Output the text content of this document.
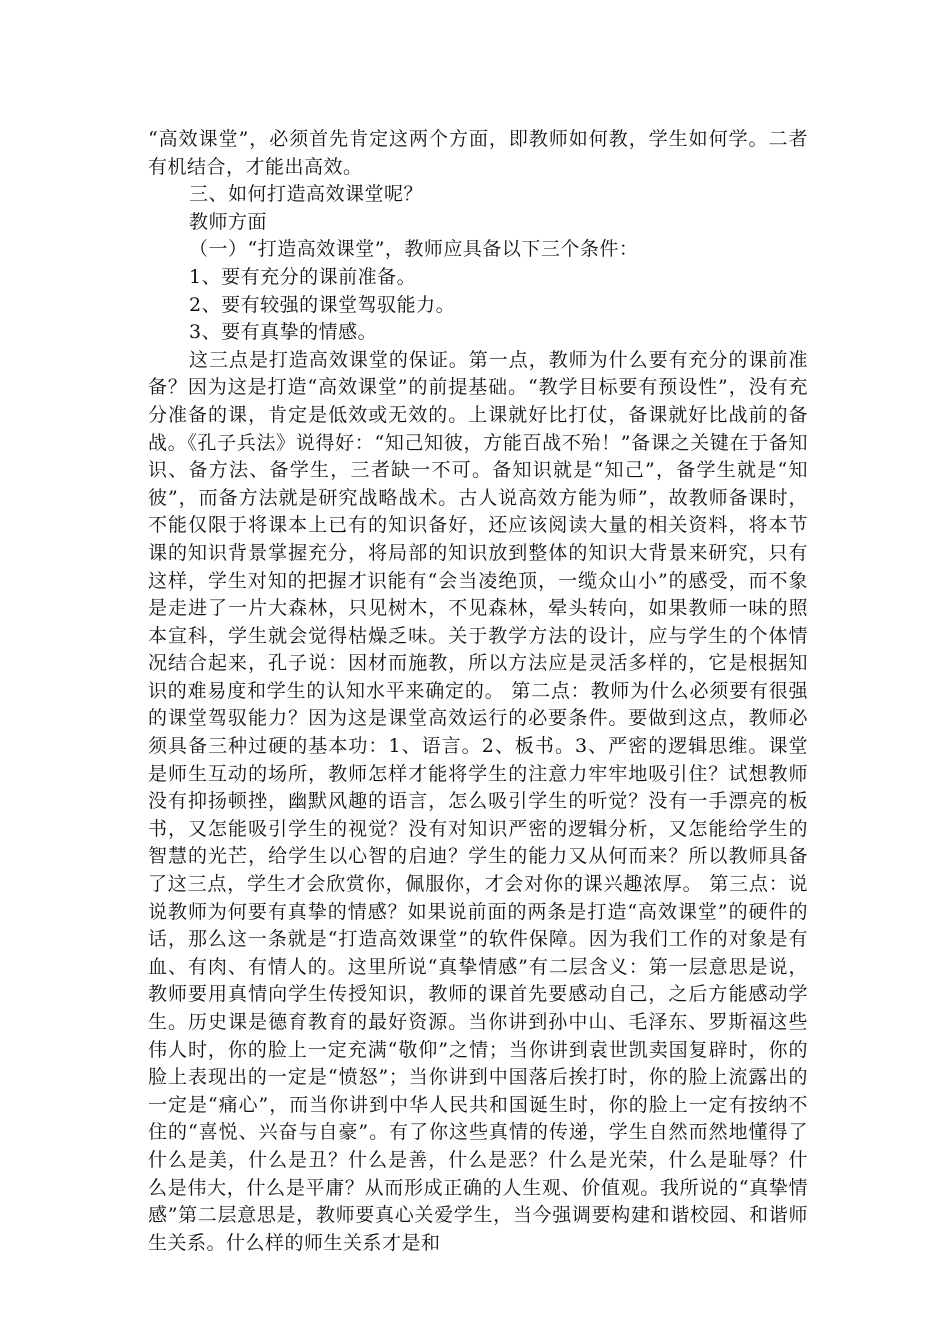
“高效课堂”，必须首先肯定这两个方面，即教师如何教，学生如何学。二者有机结合，才能出高效。

三、如何打造高效课堂呢？

教师方面

（一）“打造高效课堂”，教师应具备以下三个条件：

1、要有充分的课前准备。

2、要有较强的课堂驾驭能力。

3、要有真挚的情感。

这三点是打造高效课堂的保证。第一点，教师为什么要有充分的课前准备？因为这是打造“高效课堂”的前提基础。“教学目标要有预设性”，没有充分准备的课，肯定是低效或无效的。上课就好比打仗，备课就好比战前的备战。《孔子兵法》说得好：“知己知彼，方能百战不殆！”备课之关键在于备知识、备方法、备学生，三者缺一不可。备知识就是“知己”，备学生就是“知彼”，而备方法就是研究战略战术。古人说高效方能为师”，故教师备课时，不能仅限于将课本上已有的知识备好，还应该阅读大量的相关资料，将本节课的知识背景掌握充分，将局部的知识放到整体的知识大背景来研究，只有这样，学生对知的把握才识能有“会当凌绝顶，一缆众山小”的感受，而不象是走进了一片大森林，只见树木，不见森林，晕头转向，如果教师一味的照本宣科，学生就会觉得枯燥乏味。关于教学方法的设计，应与学生的个体情况结合起来，孔子说：因材而施教，所以方法应是灵活多样的，它是根据知识的难易度和学生的认知水平来确定的。 第二点：教师为什么必须要有很强的课堂驾驭能力？因为这是课堂高效运行的必要条件。要做到这点，教师必须具备三种过硬的基本功：1、语言。2、板书。3、严密的逻辑思维。课堂是师生互动的场所，教师怎样才能将学生的注意力牢牢地吸引住？试想教师没有抑扬顿挫，幽默风趣的语言，怎么吸引学生的听觉？没有一手漂亮的板书，又怎能吸引学生的视觉？没有对知识严密的逻辑分析，又怎能给学生的智慧的光芒，给学生以心智的启迪？学生的能力又从何而来？所以教师具备了这三点，学生才会欣赏你，佩服你，才会对你的课兴趣浓厚。 第三点：说说教师为何要有真挚的情感？如果说前面的两条是打造“高效课堂”的硬件的话，那么这一条就是“打造高效课堂”的软件保障。因为我们工作的对象是有血、有肉、有情人的。这里所说“真挚情感”有二层含义：第一层意思是说，教师要用真情向学生传授知识，教师的课首先要感动自己，之后方能感动学生。历史课是德育教育的最好资源。当你讲到孙中山、毛泽东、罗斯福这些伟人时，你的脸上一定充满“敬仰”之情；当你讲到袁世凯卖国复辟时，你的脸上表现出的一定是“愤怒”；当你讲到中国落后挨打时，你的脸上流露出的一定是“痛心”，而当你讲到中华人民共和国诞生时，你的脸上一定有按纳不住的“喜悦、兴奋与自豪”。有了你这些真情的传递，学生自然而然地懂得了什么是美，什么是丑？什么是善，什么是恶？什么是光荣，什么是耻辱？什么是伟大，什么是平庸？从而形成正确的人生观、价值观。我所说的“真挚情感”第二层意思是，教师要真心关爱学生，当今强调要构建和谐校园、和谐师生关系。什么样的师生关系才是和
